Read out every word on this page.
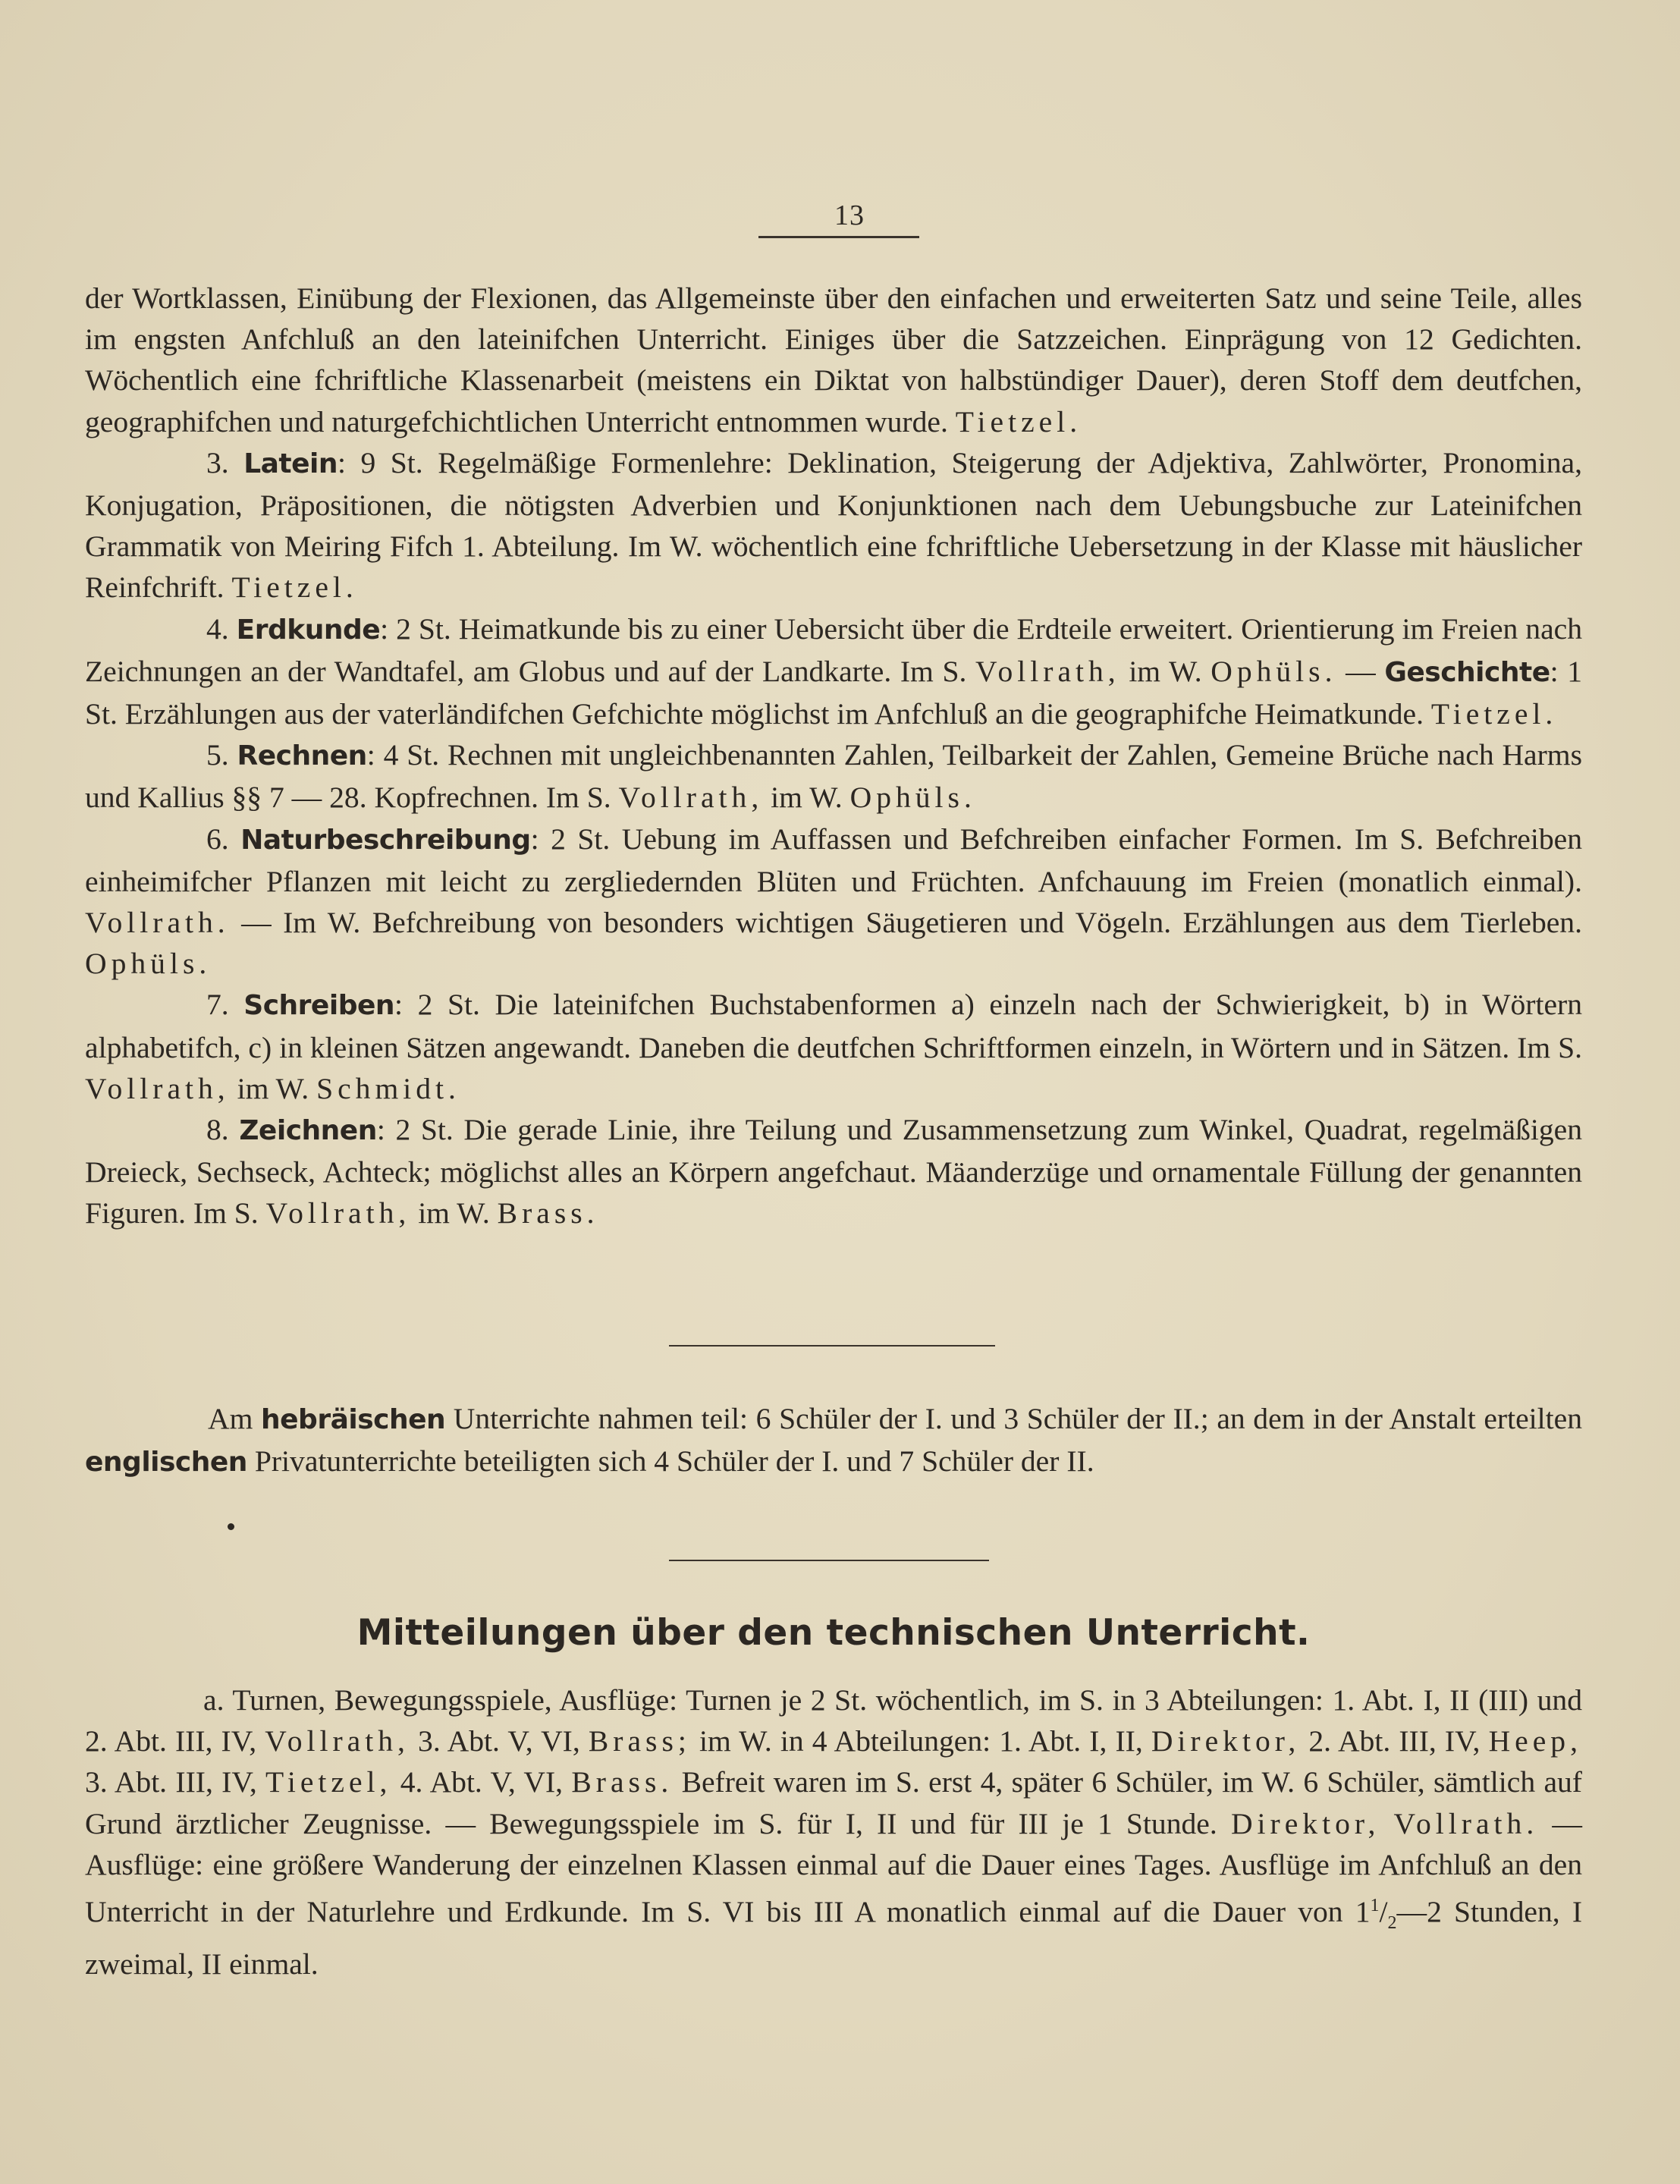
13

der Wortklassen, Einübung der Flexionen, das Allgemeinste über den einfachen und erweiterten Satz und seine Teile, alles im engsten Anfchluß an den lateinifchen Unterricht. Einiges über die Satzzeichen. Einprägung von 12 Gedichten. Wöchentlich eine fchriftliche Klassenarbeit (meistens ein Diktat von halbstündiger Dauer), deren Stoff dem deutfchen, geographifchen und naturgefchichtlichen Unterricht entnommen wurde. Tietzel.

3. Latein: 9 St. Regelmäßige Formenlehre: Deklination, Steigerung der Adjektiva, Zahlwörter, Pronomina, Konjugation, Präpositionen, die nötigsten Adverbien und Konjunktionen nach dem Uebungsbuche zur Lateinifchen Grammatik von Meiring Fifch 1. Abteilung. Im W. wöchentlich eine fchriftliche Uebersetzung in der Klasse mit häuslicher Reinfchrift. Tietzel.

4. Erdkunde: 2 St. Heimatkunde bis zu einer Uebersicht über die Erdteile erweitert. Orientierung im Freien nach Zeichnungen an der Wandtafel, am Globus und auf der Landkarte. Im S. Vollrath, im W. Ophüls. — Geschichte: 1 St. Erzählungen aus der vaterländifchen Gefchichte möglichst im Anfchluß an die geographifche Heimatkunde. Tietzel.

5. Rechnen: 4 St. Rechnen mit ungleichbenannten Zahlen, Teilbarkeit der Zahlen, Gemeine Brüche nach Harms und Kallius §§ 7 — 28. Kopfrechnen. Im S. Vollrath, im W. Ophüls.

6. Naturbeschreibung: 2 St. Uebung im Auffassen und Befchreiben einfacher Formen. Im S. Befchreiben einheimifcher Pflanzen mit leicht zu zergliedernden Blüten und Früchten. Anfchauung im Freien (monatlich einmal). Vollrath. — Im W. Befchreibung von besonders wichtigen Säugetieren und Vögeln. Erzählungen aus dem Tierleben. Ophüls.

7. Schreiben: 2 St. Die lateinifchen Buchstabenformen a) einzeln nach der Schwierigkeit, b) in Wörtern alphabetifch, c) in kleinen Sätzen angewandt. Daneben die deutfchen Schriftformen einzeln, in Wörtern und in Sätzen. Im S. Vollrath, im W. Schmidt.

8. Zeichnen: 2 St. Die gerade Linie, ihre Teilung und Zusammensetzung zum Winkel, Quadrat, regelmäßigen Dreieck, Sechseck, Achteck; möglichst alles an Körpern angefchaut. Mäanderzüge und ornamentale Füllung der genannten Figuren. Im S. Vollrath, im W. Brass.

Am hebräischen Unterrichte nahmen teil: 6 Schüler der I. und 3 Schüler der II.; an dem in der Anstalt erteilten englischen Privatunterrichte beteiligten sich 4 Schüler der I. und 7 Schüler der II.

Mitteilungen über den technischen Unterricht.

a. Turnen, Bewegungsspiele, Ausflüge: Turnen je 2 St. wöchentlich, im S. in 3 Abteilungen: 1. Abt. I, II (III) und 2. Abt. III, IV, Vollrath, 3. Abt. V, VI, Brass; im W. in 4 Abteilungen: 1. Abt. I, II, Direktor, 2. Abt. III, IV, Heep, 3. Abt. III, IV, Tietzel, 4. Abt. V, VI, Brass. Befreit waren im S. erst 4, später 6 Schüler, im W. 6 Schüler, sämtlich auf Grund ärztlicher Zeugnisse. — Bewegungsspiele im S. für I, II und für III je 1 Stunde. Direktor, Vollrath. — Ausflüge: eine größere Wanderung der einzelnen Klassen einmal auf die Dauer eines Tages. Ausflüge im Anfchluß an den Unterricht in der Naturlehre und Erdkunde. Im S. VI bis III A monatlich einmal auf die Dauer von $1^1/_2—2$ Stunden, I zweimal, II einmal.
